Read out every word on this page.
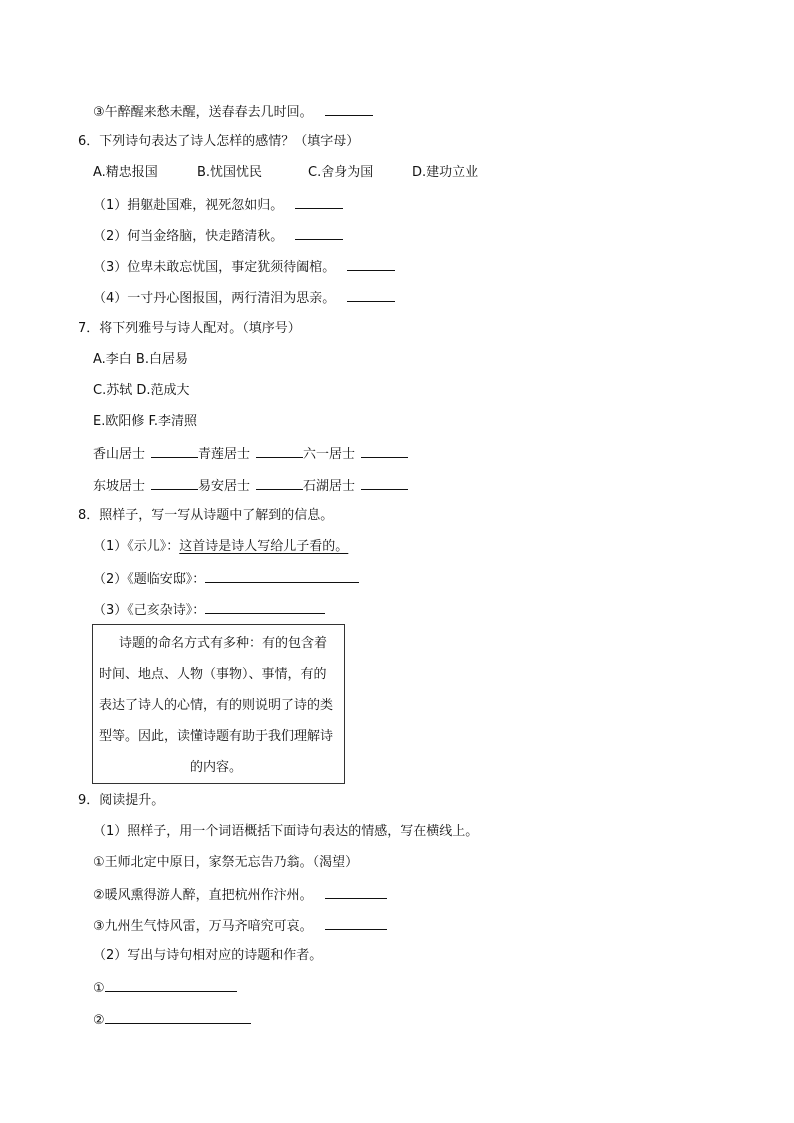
③午醉醒来愁未醒，送春春去几时回。
6．下列诗句表达了诗人怎样的感情？（填字母）
A.精忠报国	B.忧国忧民	C.舍身为国	D.建功立业
（1）捐躯赴国难，视死忽如归。
（2）何当金络脑，快走踏清秋。
（3）位卑未敢忘忧国，事定犹须待阖棺。
（4）一寸丹心图报国，两行清泪为思亲。
7．将下列雅号与诗人配对。（填序号）
A.李白 B.白居易
C.苏轼 D.范成大
E.欧阳修 F.李清照
香山居士	青莲居士	六一居士
东坡居士	易安居士	石湖居士
8．照样子，写一写从诗题中了解到的信息。
（1）《示儿》：这首诗是诗人写给儿子看的。
（2）《题临安邸》：
（3）《己亥杂诗》：
诗题的命名方式有多种：有的包含着
时间、地点、人物（事物）、事情，有的
表达了诗人的心情，有的则说明了诗的类
型等。因此，读懂诗题有助于我们理解诗
的内容。
9．阅读提升。
（1）照样子，用一个词语概括下面诗句表达的情感，写在横线上。
①王师北定中原日，家祭无忘告乃翁。（渴望）
②暖风熏得游人醉，直把杭州作汴州。
③九州生气恃风雷，万马齐喑究可哀。
（2）写出与诗句相对应的诗题和作者。
①
②
